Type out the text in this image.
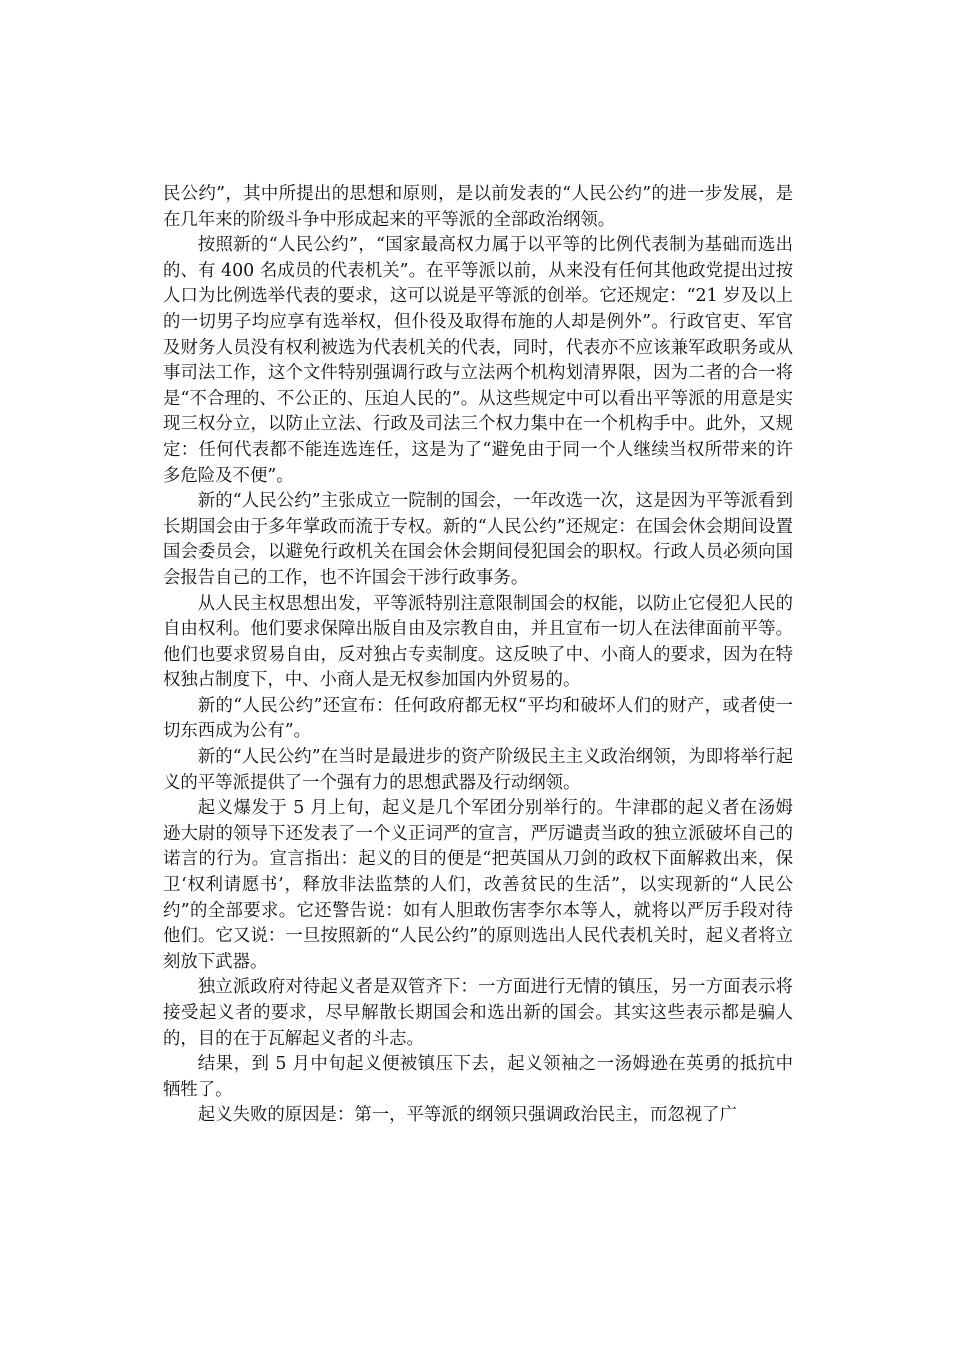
民公约”，其中所提出的思想和原则，是以前发表的“人民公约”的进一步发展，是在几年来的阶级斗争中形成起来的平等派的全部政治纲领。

按照新的“人民公约”，“国家最高权力属于以平等的比例代表制为基础而选出的、有 400 名成员的代表机关”。在平等派以前，从来没有任何其他政党提出过按人口为比例选举代表的要求，这可以说是平等派的创举。它还规定：“21 岁及以上的一切男子均应享有选举权，但仆役及取得布施的人却是例外”。行政官吏、军官及财务人员没有权利被选为代表机关的代表，同时，代表亦不应该兼军政职务或从事司法工作，这个文件特别强调行政与立法两个机构划清界限，因为二者的合一将是“不合理的、不公正的、压迫人民的”。从这些规定中可以看出平等派的用意是实现三权分立，以防止立法、行政及司法三个权力集中在一个机构手中。此外，又规定：任何代表都不能连选连任，这是为了“避免由于同一个人继续当权所带来的许多危险及不便”。

新的“人民公约”主张成立一院制的国会，一年改选一次，这是因为平等派看到长期国会由于多年掌政而流于专权。新的“人民公约”还规定：在国会休会期间设置国会委员会，以避免行政机关在国会休会期间侵犯国会的职权。行政人员必须向国会报告自己的工作，也不许国会干涉行政事务。

从人民主权思想出发，平等派特别注意限制国会的权能，以防止它侵犯人民的自由权利。他们要求保障出版自由及宗教自由，并且宣布一切人在法律面前平等。他们也要求贸易自由，反对独占专卖制度。这反映了中、小商人的要求，因为在特权独占制度下，中、小商人是无权参加国内外贸易的。

新的“人民公约”还宣布：任何政府都无权“平均和破坏人们的财产，或者使一切东西成为公有”。

新的“人民公约”在当时是最进步的资产阶级民主主义政治纲领，为即将举行起义的平等派提供了一个强有力的思想武器及行动纲领。

起义爆发于 5 月上旬，起义是几个军团分别举行的。牛津郡的起义者在汤姆逊大尉的领导下还发表了一个义正词严的宣言，严厉谴责当政的独立派破坏自己的诺言的行为。宣言指出：起义的目的便是“把英国从刀剑的政权下面解救出来，保卫‘权利请愿书’，释放非法监禁的人们，改善贫民的生活”，以实现新的“人民公约”的全部要求。它还警告说：如有人胆敢伤害李尔本等人，就将以严厉手段对待他们。它又说：一旦按照新的“人民公约”的原则选出人民代表机关时，起义者将立刻放下武器。

独立派政府对待起义者是双管齐下：一方面进行无情的镇压，另一方面表示将接受起义者的要求，尽早解散长期国会和选出新的国会。其实这些表示都是骗人的，目的在于瓦解起义者的斗志。

结果，到 5 月中旬起义便被镇压下去，起义领袖之一汤姆逊在英勇的抵抗中牺牲了。

起义失败的原因是：第一，平等派的纲领只强调政治民主，而忽视了广
